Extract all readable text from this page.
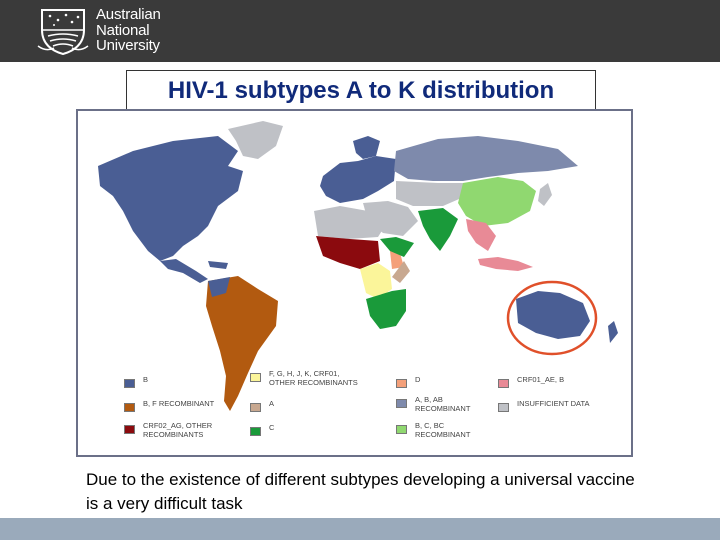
Australian
National
University
HIV-1 subtypes A to K distribution
B
F, G, H, J, K, CRF01,
OTHER RECOMBINANTS	D	CRF01_AE, B
B, F RECOMBINANT	A	A, B, AB
RECOMBINANT
INSUFFICIENT DATA
CRF02_AG, OTHER
RECOMBINANTS
C	B, C, BC
RECOMBINANT
Due to the existence of different subtypes developing a universal vaccine is a very difficult task
